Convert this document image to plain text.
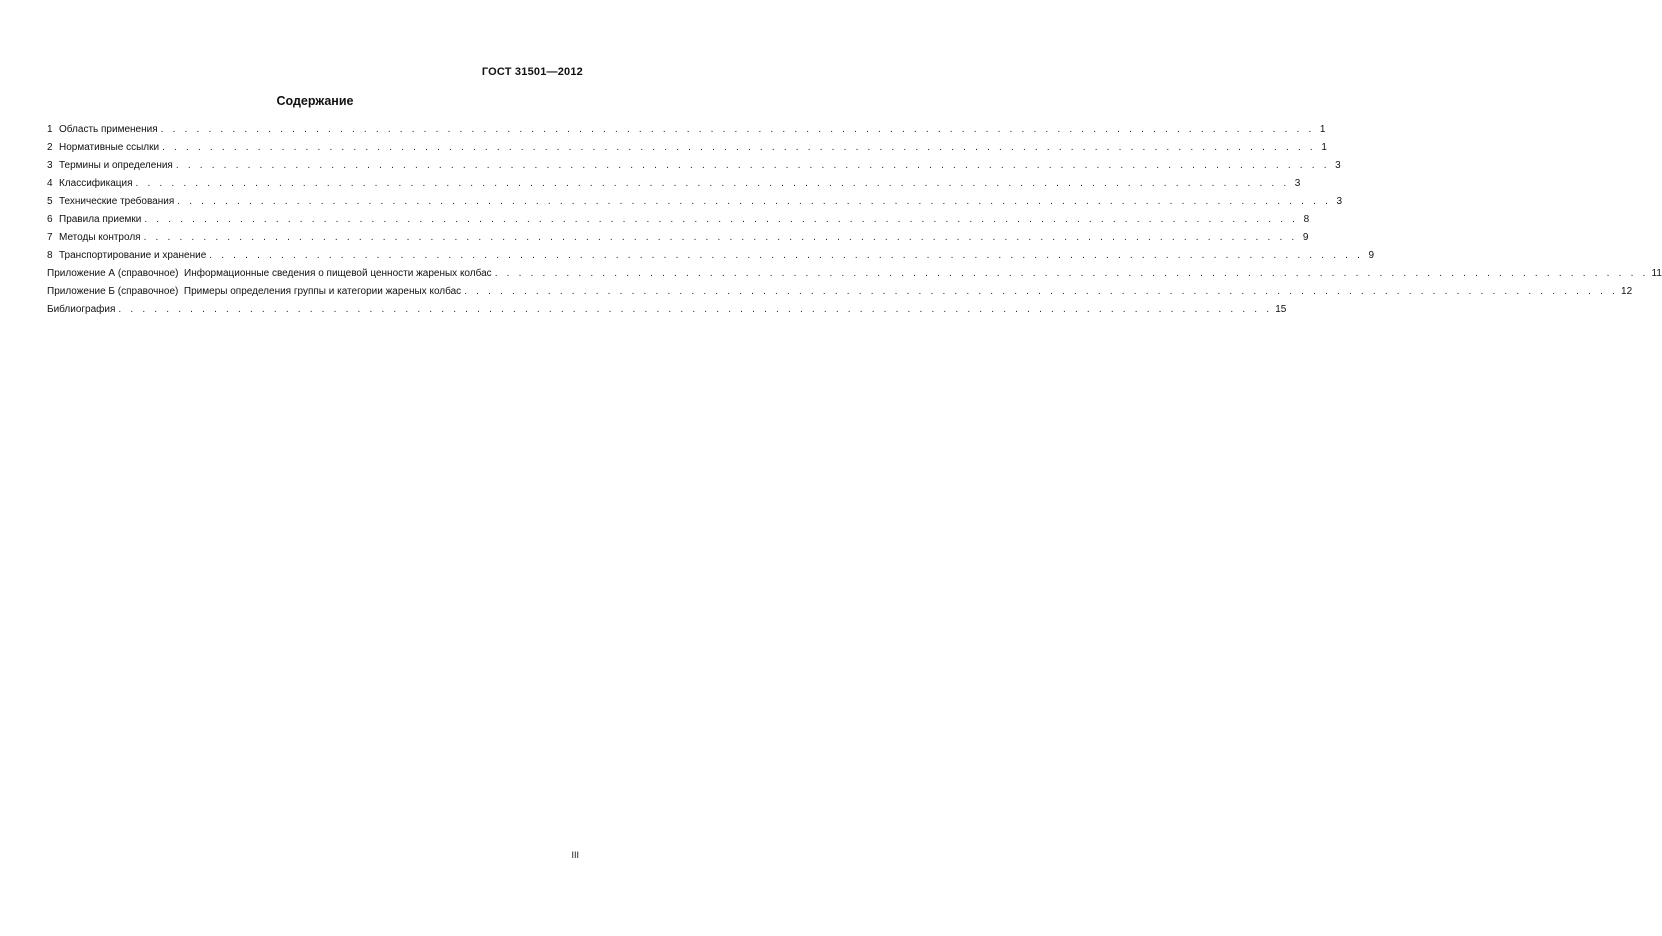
ГОСТ 31501—2012
Содержание
1 Область применения . . . . . . . . . . . . . . . . . . . . . . . . . . . . . . . . . . . . . . . . . . . . . . . . . . . . . . . . . . . . . . . . . . . . . . . . . . . . . . . . . . . . . . . . . . . . . . . . . 1
2 Нормативные ссылки . . . . . . . . . . . . . . . . . . . . . . . . . . . . . . . . . . . . . . . . . . . . . . . . . . . . . . . . . . . . . . . . . . . . . . . . . . . . . . . . . . . . . . . . . . . . . . . . . 1
3 Термины и определения . . . . . . . . . . . . . . . . . . . . . . . . . . . . . . . . . . . . . . . . . . . . . . . . . . . . . . . . . . . . . . . . . . . . . . . . . . . . . . . . . . . . . . . . . . . . . . . . . 3
4 Классификация . . . . . . . . . . . . . . . . . . . . . . . . . . . . . . . . . . . . . . . . . . . . . . . . . . . . . . . . . . . . . . . . . . . . . . . . . . . . . . . . . . . . . . . . . . . . . . . . . 3
5 Технические требования . . . . . . . . . . . . . . . . . . . . . . . . . . . . . . . . . . . . . . . . . . . . . . . . . . . . . . . . . . . . . . . . . . . . . . . . . . . . . . . . . . . . . . . . . . . . . . . . . 3
6 Правила приемки . . . . . . . . . . . . . . . . . . . . . . . . . . . . . . . . . . . . . . . . . . . . . . . . . . . . . . . . . . . . . . . . . . . . . . . . . . . . . . . . . . . . . . . . . . . . . . . . . 8
7 Методы контроля . . . . . . . . . . . . . . . . . . . . . . . . . . . . . . . . . . . . . . . . . . . . . . . . . . . . . . . . . . . . . . . . . . . . . . . . . . . . . . . . . . . . . . . . . . . . . . . . . 9
8 Транспортирование и хранение . . . . . . . . . . . . . . . . . . . . . . . . . . . . . . . . . . . . . . . . . . . . . . . . . . . . . . . . . . . . . . . . . . . . . . . . . . . . . . . . . . . . . . . . . . . . . . . . . 9
Приложение А (справочное)  Информационные сведения о пищевой ценности жареных колбас . . . . . . . . . . . . . . . . . . . . . . . . . . . . . . . . . . . . . . . . . . . . . . . . . . . . . . . . . . . . . . . . . . . . . . . . . . . . . . . . . . . . . . . . . . . . . . . . . 11
Приложение Б (справочное)  Примеры определения группы и категории жареных колбас . . . . . . . . . . . . . . . . . . . . . . . . . . . . . . . . . . . . . . . . . . . . . . . . . . . . . . . . . . . . . . . . . . . . . . . . . . . . . . . . . . . . . . . . . . . . . . . . . 12
Библиография . . . . . . . . . . . . . . . . . . . . . . . . . . . . . . . . . . . . . . . . . . . . . . . . . . . . . . . . . . . . . . . . . . . . . . . . . . . . . . . . . . . . . . . . . . . . . . . . . 15
III
